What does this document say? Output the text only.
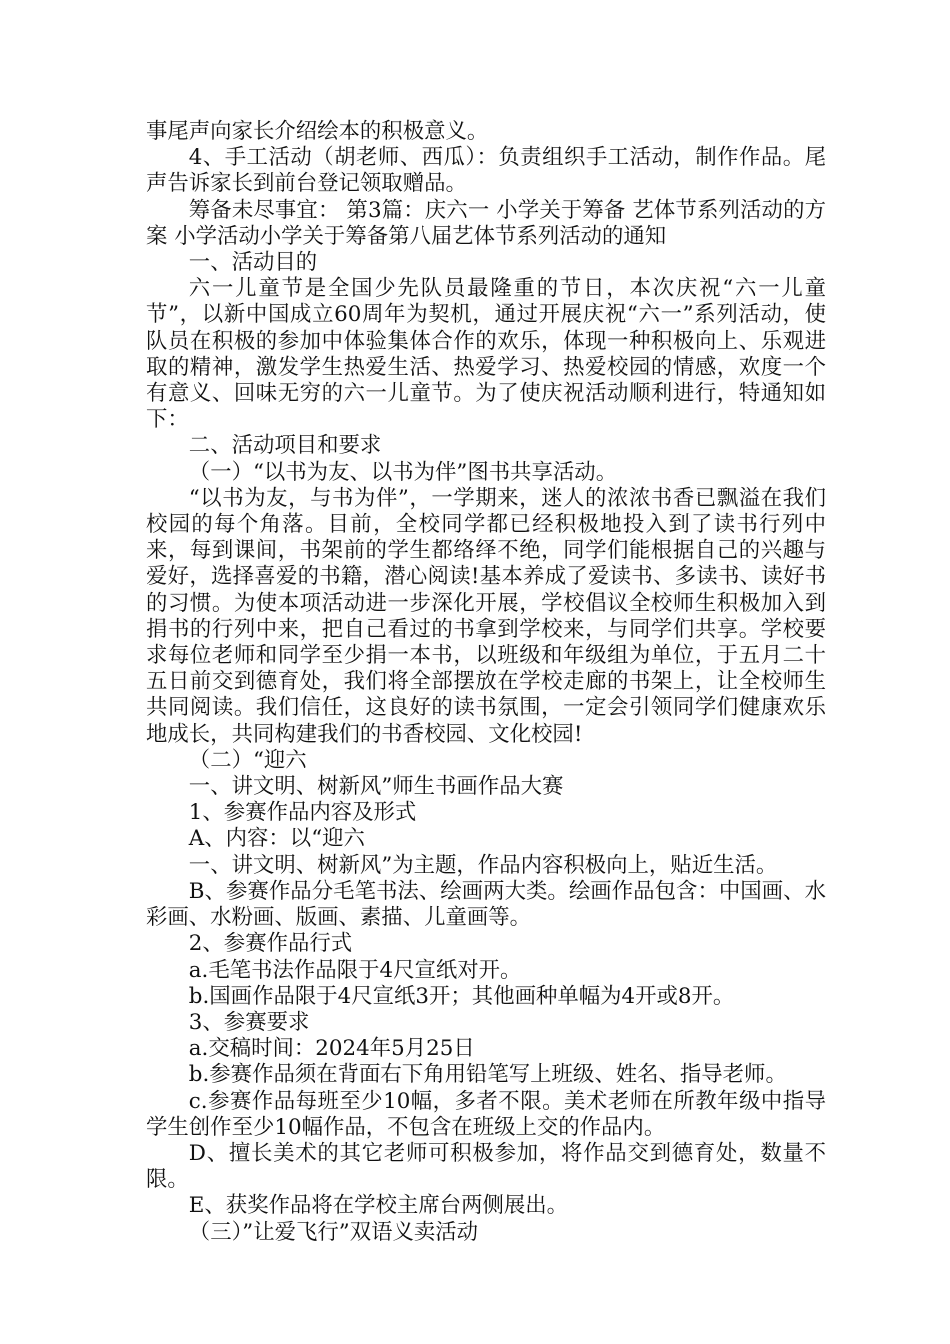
事尾声向家长介绍绘本的积极意义。

4、手工活动（胡老师、西瓜）：负责组织手工活动，制作作品。尾声告诉家长到前台登记领取赠品。

筹备未尽事宜： 第3篇：庆六一 小学关于筹备 艺体节系列活动的方案 小学活动小学关于筹备第八届艺体节系列活动的通知

一、活动目的

六一儿童节是全国少先队员最隆重的节日，本次庆祝“六一儿童节”，以新中国成立60周年为契机，通过开展庆祝“六一”系列活动，使队员在积极的参加中体验集体合作的欢乐，体现一种积极向上、乐观进取的精神，激发学生热爱生活、热爱学习、热爱校园的情感，欢度一个有意义、回味无穷的六一儿童节。为了使庆祝活动顺利进行，特通知如下：

二、活动项目和要求

（一）“以书为友、以书为伴”图书共享活动。

“以书为友，与书为伴”，一学期来，迷人的浓浓书香已飘溢在我们校园的每个角落。目前，全校同学都已经积极地投入到了读书行列中来，每到课间，书架前的学生都络绎不绝，同学们能根据自己的兴趣与爱好，选择喜爱的书籍，潜心阅读!基本养成了爱读书、多读书、读好书的习惯。为使本项活动进一步深化开展，学校倡议全校师生积极加入到捐书的行列中来，把自己看过的书拿到学校来，与同学们共享。学校要求每位老师和同学至少捐一本书，以班级和年级组为单位，于五月二十五日前交到德育处，我们将全部摆放在学校走廊的书架上，让全校师生共同阅读。我们信任，这良好的读书氛围，一定会引领同学们健康欢乐地成长，共同构建我们的书香校园、文化校园!

（二）“迎六

一、讲文明、树新风”师生书画作品大赛

1、参赛作品内容及形式

A、内容：以“迎六

一、讲文明、树新风”为主题，作品内容积极向上，贴近生活。

B、参赛作品分毛笔书法、绘画两大类。绘画作品包含：中国画、水彩画、水粉画、版画、素描、儿童画等。

2、参赛作品行式

a.毛笔书法作品限于4尺宣纸对开。

b.国画作品限于4尺宣纸3开；其他画种单幅为4开或8开。

3、参赛要求

a.交稿时间：2024年5月25日

b.参赛作品须在背面右下角用铅笔写上班级、姓名、指导老师。

c.参赛作品每班至少10幅，多者不限。美术老师在所教年级中指导学生创作至少10幅作品，不包含在班级上交的作品内。

D、擅长美术的其它老师可积极参加，将作品交到德育处，数量不限。

E、获奖作品将在学校主席台两侧展出。

（三）”让爱飞行”双语义卖活动
